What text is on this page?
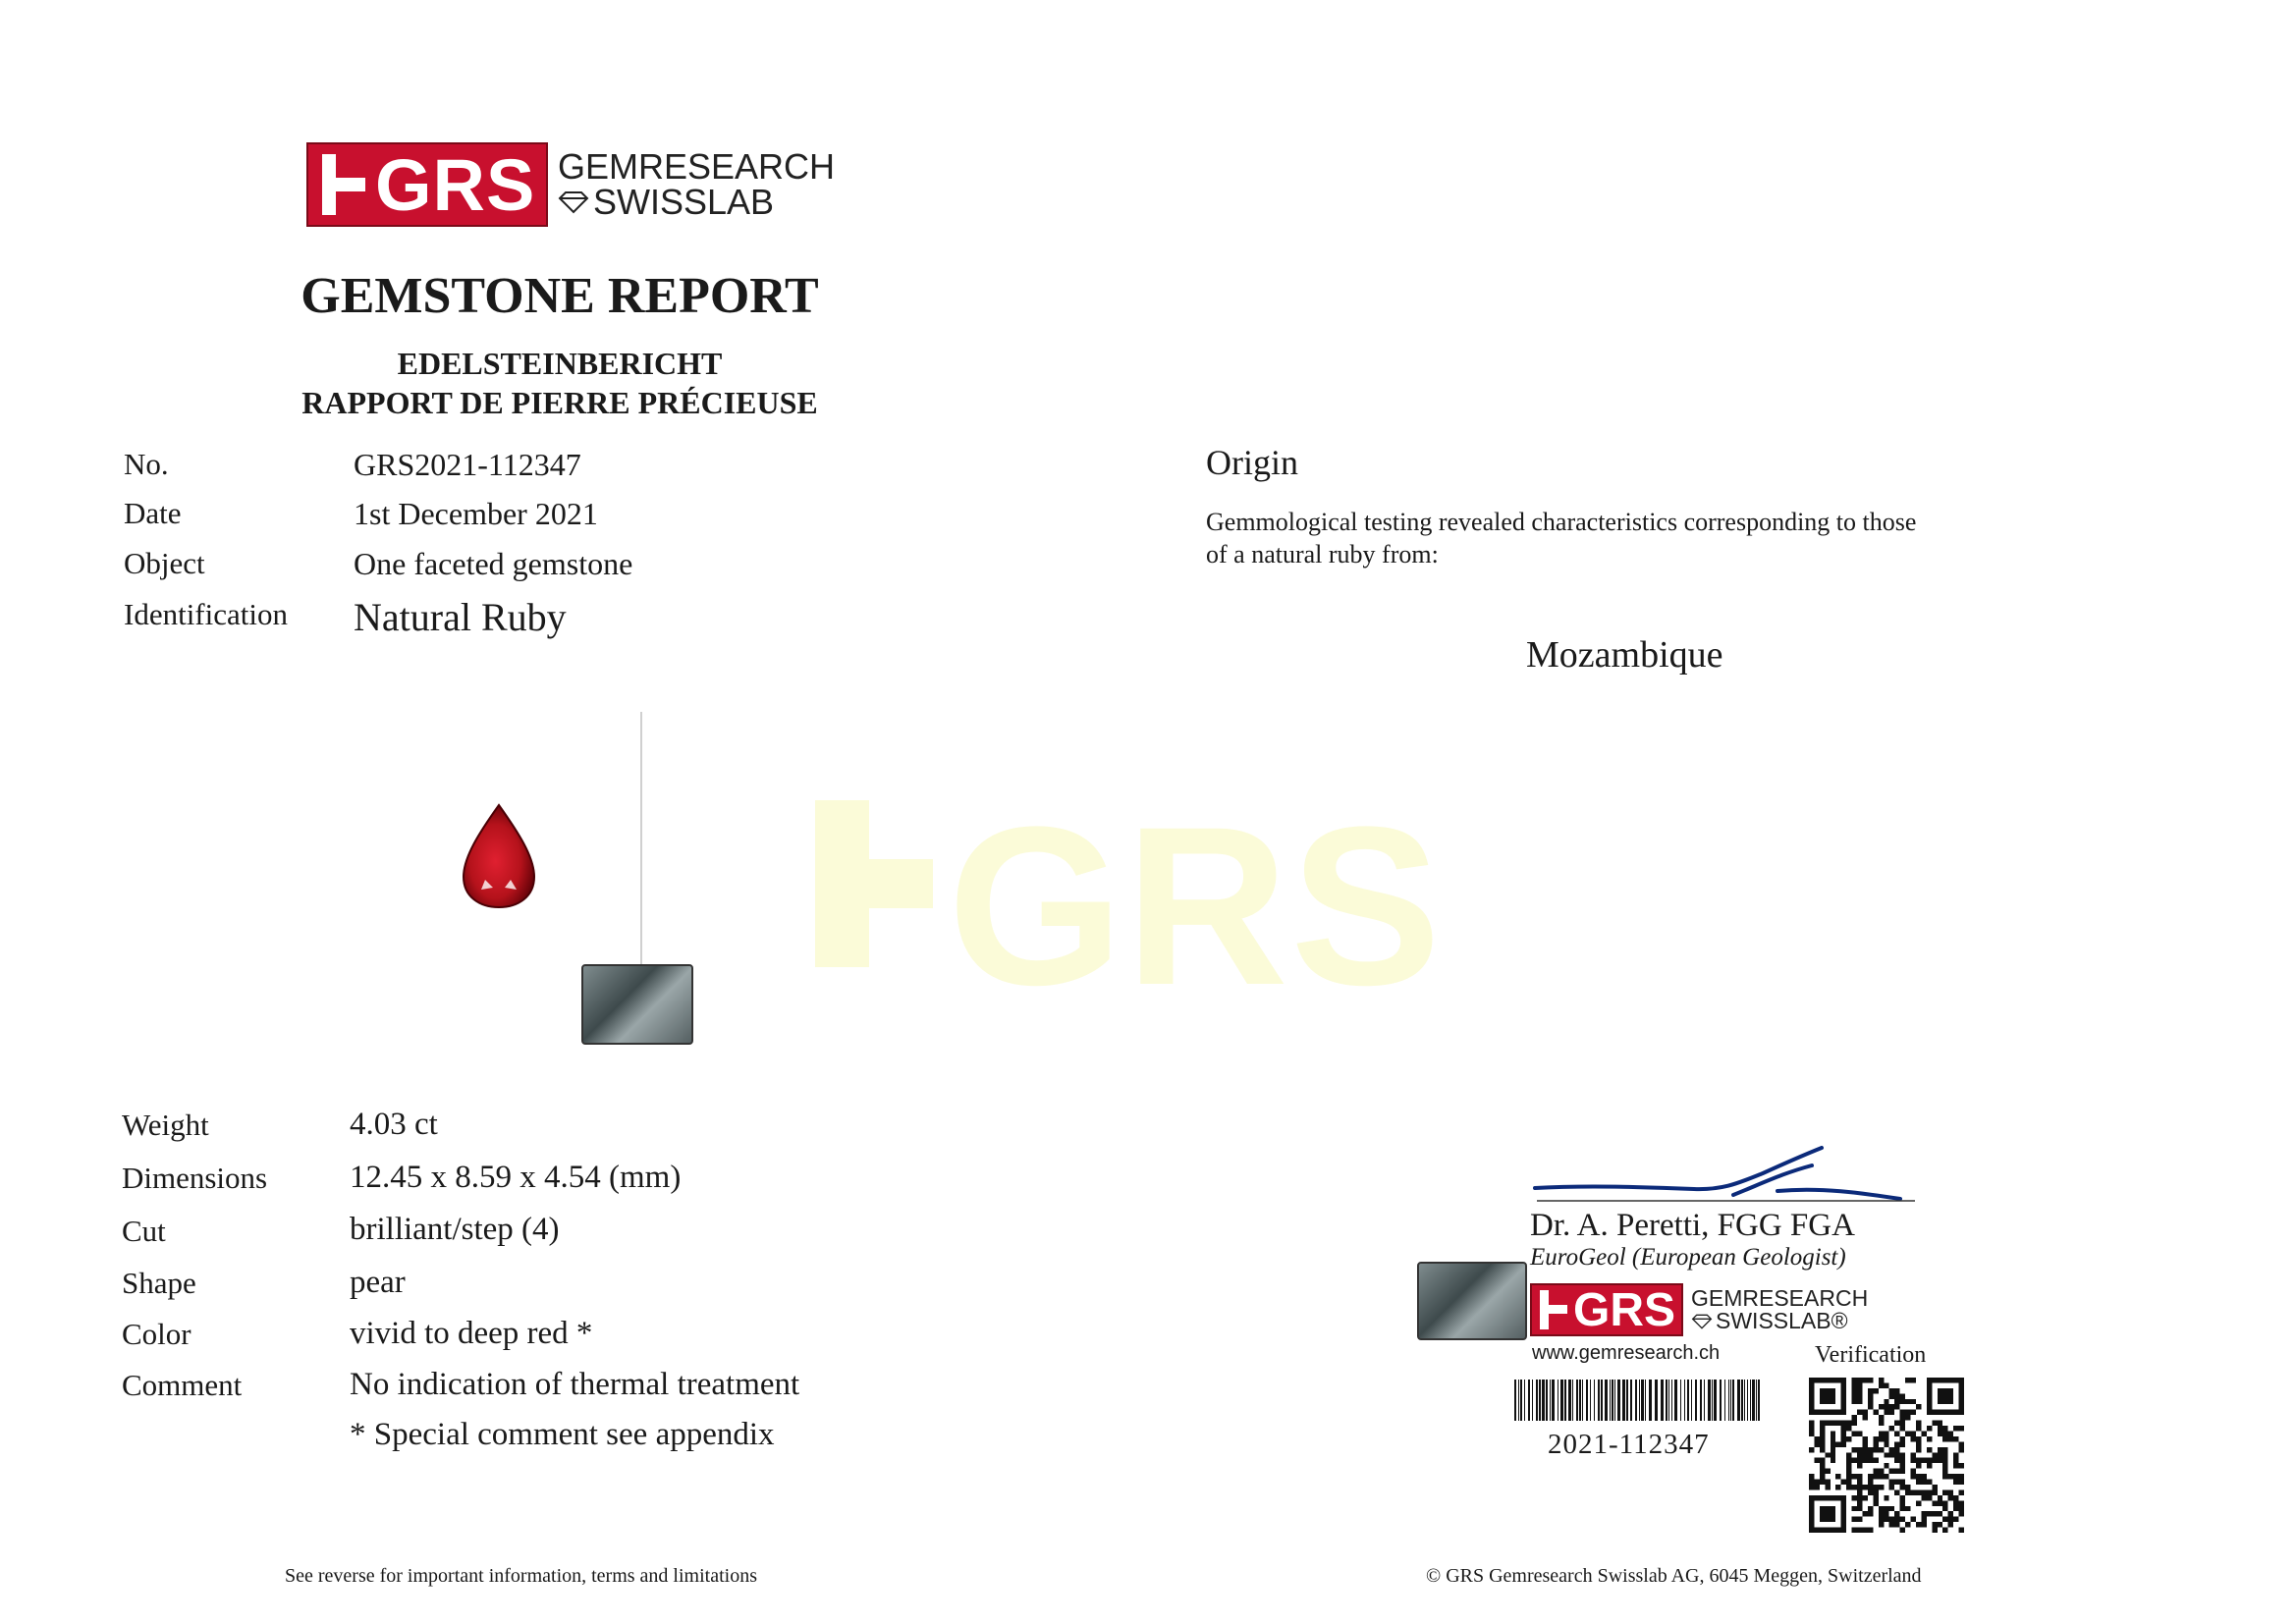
GRS GEMRESEARCH
SWISSLAB
GEMSTONE REPORT
EDELSTEINBERICHT
RAPPORT DE PIERRE PRÉCIEUSE
No.	GRS2021-112347
Date	1st December 2021
Object	One faceted gemstone
Identification Natural Ruby
GRS
Weight	4.03 ct
Dimensions	12.45 x 8.59 x 4.54 (mm)
Cut	brilliant/step (4)
Shape	pear
Color	vivid to deep red *
Comment	No indication of thermal treatment
* Special comment see appendix
Origin
Gemmological testing revealed characteristics corresponding to those
of a natural ruby from:
Mozambique
Dr. A. Peretti, FGG FGA
EuroGeol (European Geologist)
GRS GEMRESEARCH
SWISSLAB®
www.gemresearch.ch	Verification
2021-112347
See reverse for important information, terms and limitations	© GRS Gemresearch Swisslab AG, 6045 Meggen, Switzerland
